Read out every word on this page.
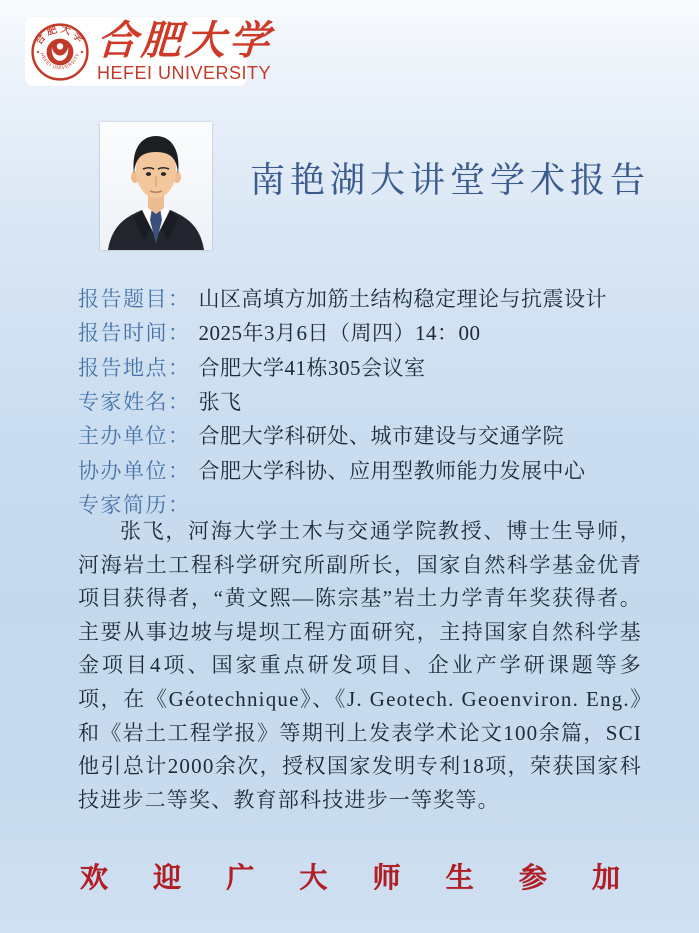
合肥大学
HEFEI UNIVERSITY 合肥大学
HEFEI UNIVERSITY
南艳湖大讲堂学术报告
报告题目： 山区高填方加筋土结构稳定理论与抗震设计
报告时间： 2025年3月6日（周四）14：00
报告地点： 合肥大学41栋305会议室
专家姓名： 张飞
主办单位： 合肥大学科研处、城市建设与交通学院
协办单位： 合肥大学科协、应用型教师能力发展中心
专家简历：
张飞，河海大学土木与交通学院教授、博士生导师，河海岩土工程科学研究所副所长，国家自然科学基金优青项目获得者，“黄文熙—陈宗基”岩土力学青年奖获得者。主要从事边坡与堤坝工程方面研究，主持国家自然科学基金项目4项、国家重点研发项目、企业产学研课题等多项，在《Géotechnique》、《J. Geotech. Geoenviron. Eng.》和《岩土工程学报》等期刊上发表学术论文100余篇，SCI他引总计2000余次，授权国家发明专利18项，荣获国家科技进步二等奖、教育部科技进步一等奖等。
欢 迎 广 大 师 生 参 加
